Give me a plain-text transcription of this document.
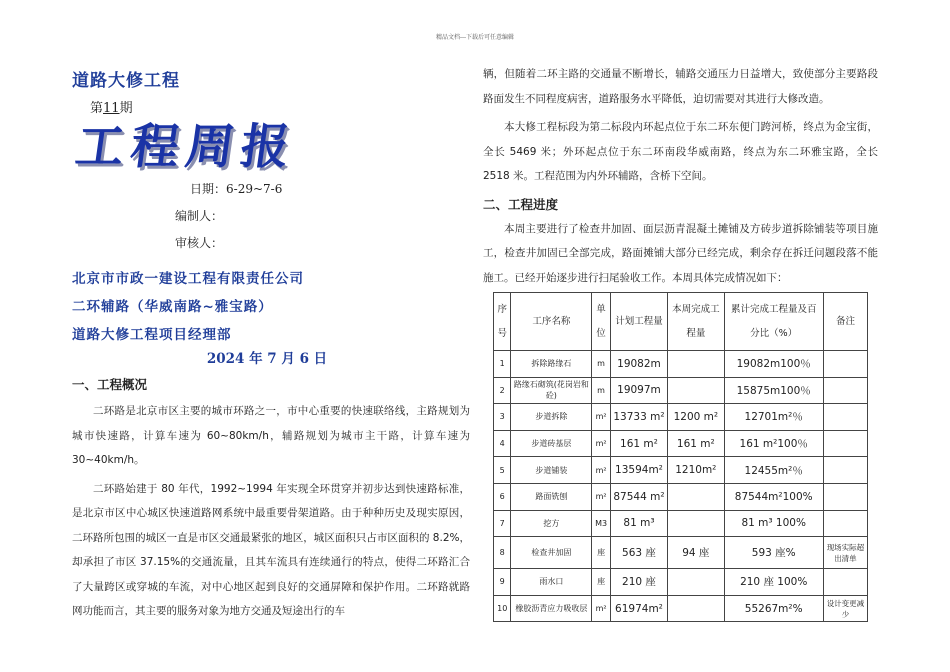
精品文档---下载后可任意编辑
道路大修工程
第11期
工程周报
日期：6-29~7-6
编制人：
审核人：
北京市市政一建设工程有限责任公司
二环辅路（华威南路~雅宝路）
道路大修工程项目经理部
2024 年 7 月 6 日
一、工程概况

二环路是北京市区主要的城市环路之一，市中心重要的快速联络线，主路规划为城市快速路，计算车速为 60~80km/h，辅路规划为城市主干路，计算车速为 30~40km/h。

二环路始建于 80 年代，1992~1994 年实现全环贯穿并初步达到快速路标准，是北京市区中心城区快速道路网系统中最重要骨架道路。由于种种历史及现实原因，二环路所包围的城区一直是市区交通最紧张的地区，城区面积只占市区面积的 8.2%，却承担了市区 37.15%的交通流量，且其车流具有连续通行的特点，使得二环路汇合了大量跨区或穿城的车流，对中心地区起到良好的交通屏障和保护作用。二环路就路网功能而言，其主要的服务对象为地方交通及短途出行的车

辆，但随着二环主路的交通量不断增长，辅路交通压力日益增大，致使部分主要路段路面发生不同程度病害，道路服务水平降低，迫切需要对其进行大修改造。

本大修工程标段为第二标段内环起点位于东二环东便门跨河桥，终点为金宝街，全长 5469 米；外环起点位于东二环南段华威南路，终点为东二环雅宝路，全长 2518 米。工程范围为内外环辅路，含桥下空间。

二、工程进度

本周主要进行了检查井加固、面层沥青混凝土摊铺及方砖步道拆除铺装等项目施工，检查井加固已全部完成，路面摊铺大部分已经完成，剩余存在拆迁问题段落不能施工。已经开始逐步进行扫尾验收工作。本周具体完成情况如下：

序号	工序名称	单位	计划工程量	本周完成工程量	累计完成工程量及百分比（%）	备注
1	拆除路缘石	m	19082m		19082m100％	
2	路缘石砌筑(花岗岩和砼)	m	19097m		15875m100％	
3	步道拆除	m²	13733 m²	1200 m²	12701m²％	
4	步道砖基层	m²	161 m²	161 m²	161 m²100％	
5	步道铺装	m²	13594m²	1210m²	12455m²％	
6	路面铣刨	m²	87544 m²		87544m²100%	
7	挖方	M3	81 m³		81 m³ 100%	
8	检查井加固	座	563 座	94 座	593 座%	现场实际超出清单
9	雨水口	座	210 座		210 座 100%	
10	橡胶沥青应力吸收层	m²	61974m²		55267m²%	设计变更减少
